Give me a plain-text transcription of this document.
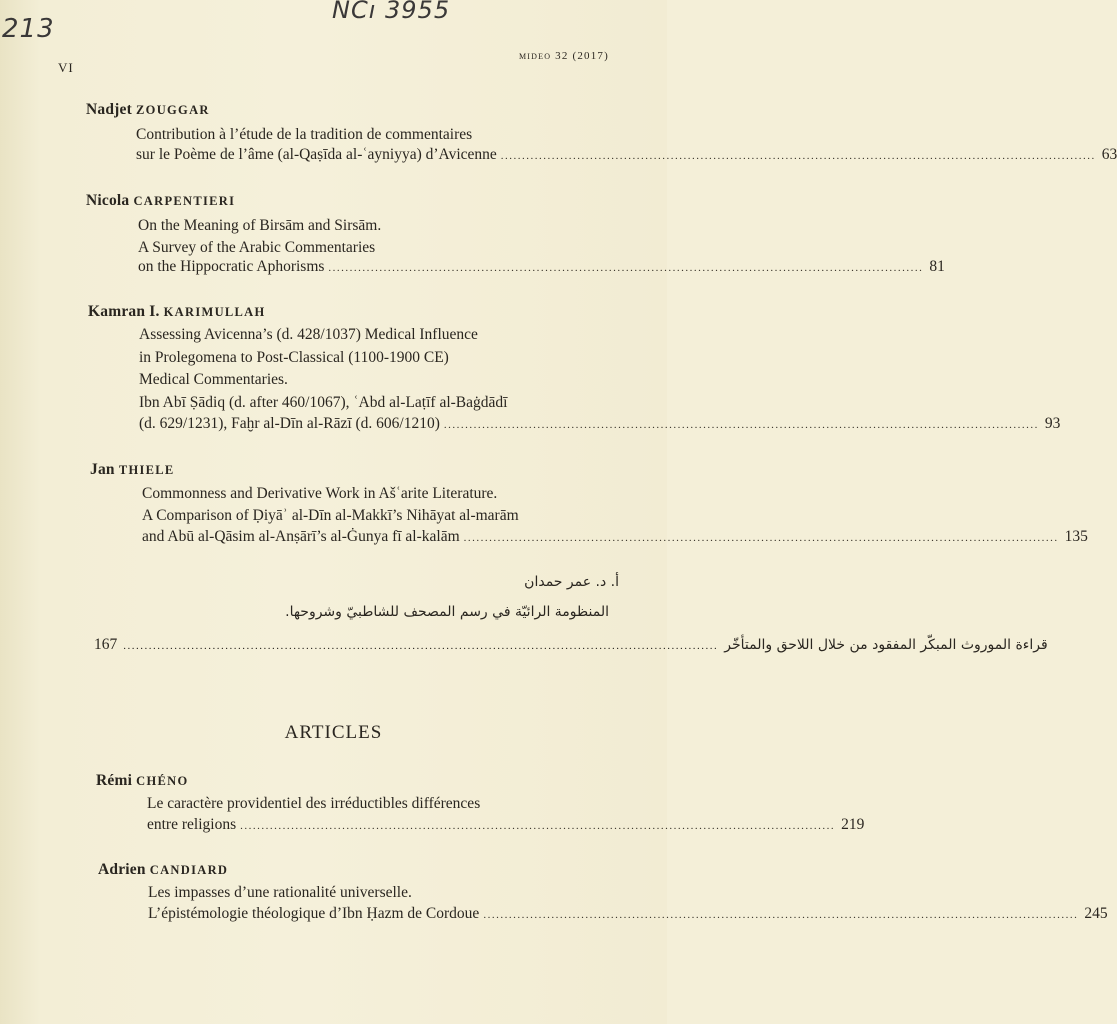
213
NCı 3955
VI
mideo 32 (2017)
Nadjet ZOUGGAR
Contribution à l’étude de la tradition de commentaires
sur le Poème de l’âme (al-Qaṣīda al-ʿayniyya) d’Avicenne ............................................................................................................................................ 63
Nicola CARPENTIERI
On the Meaning of Birsām and Sirsām.
A Survey of the Arabic Commentaries
on the Hippocratic Aphorisms ............................................................................................................................................ 81
Kamran I. KARIMULLAH
Assessing Avicenna’s (d. 428/1037) Medical Influence
in Prolegomena to Post-Classical (1100-1900 CE)
Medical Commentaries.
Ibn Abī Ṣādiq (d. after 460/1067), ʿAbd al-Laṭīf al-Baġdādī
(d. 629/1231), Faḫr al-Dīn al-Rāzī (d. 606/1210) ............................................................................................................................................ 93
Jan THIELE
Commonness and Derivative Work in Ašʿarite Literature.
A Comparison of Ḍiyāʾ al-Dīn al-Makkī’s Nihāyat al-marām
and Abū al-Qāsim al-Anṣārī’s al-Ġunya fī al-kalām ............................................................................................................................................ 135
أ. د. عمر حمدان
المنظومة الرائيّة في رسم المصحف للشاطبيّ وشروحها.
167 ............................................................................................................................................ قراءة الموروث المبكّر المفقود من خلال اللاحق والمتأخّر
ARTICLES
Rémi CHÉNO
Le caractère providentiel des irréductibles différences
entre religions ............................................................................................................................................ 219
Adrien CANDIARD
Les impasses d’une rationalité universelle.
L’épistémologie théologique d’Ibn Ḥazm de Cordoue ............................................................................................................................................ 245
